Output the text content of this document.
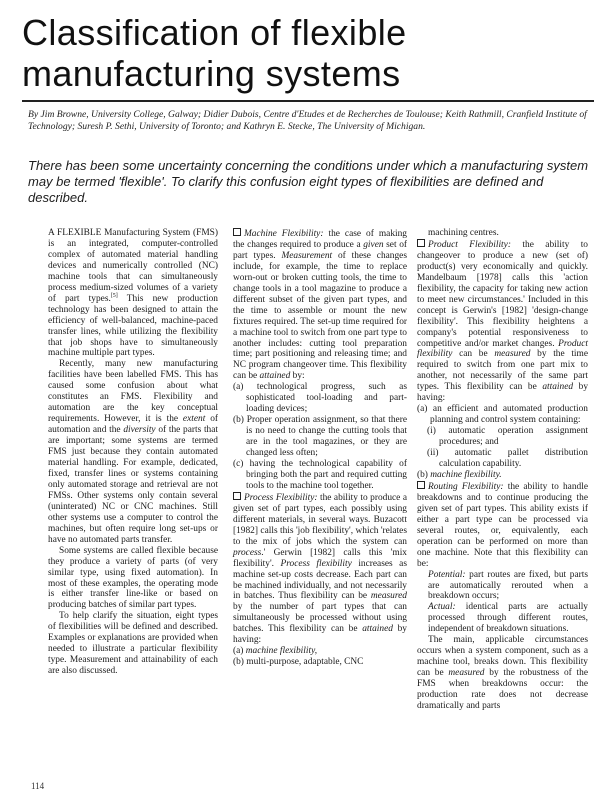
Classification of flexible manufacturing systems

By Jim Browne, University College, Galway; Didier Dubois, Centre d'Etudes et de Recherches de Toulouse; Keith Rathmill, Cranfield Institute of Technology; Suresh P. Sethi, University of Toronto; and Kathryn E. Stecke, The University of Michigan.

There has been some uncertainty concerning the conditions under which a manufacturing system may be termed 'flexible'. To clarify this confusion eight types of flexibilities are defined and described.

A FLEXIBLE Manufacturing System (FMS) is an integrated, computer-controlled complex of automated material handling devices and numerically controlled (NC) machine tools that can simultaneously process medium-sized volumes of a variety of part types.[5] This new production technology has been designed to attain the efficiency of well-balanced, machine-paced transfer lines, while utilizing the flexibility that job shops have to simultaneously machine multiple part types.

Recently, many new manufacturing facilities have been labelled FMS. This has caused some confusion about what constitutes an FMS. Flexibility and automation are the key conceptual requirements. However, it is the extent of automation and the diversity of the parts that are important; some systems are termed FMS just because they contain automated material handling. For example, dedicated, fixed, transfer lines or systems containing only automated storage and retrieval are not FMSs. Other systems only contain several (uninterated) NC or CNC machines. Still other systems use a computer to control the machines, but often require long set-ups or have no automated parts transfer.

Some systems are called flexible because they produce a variety of parts (of very similar type, using fixed automation). In most of these examples, the operating mode is either transfer line-like or based on producing batches of similar part types.

To help clarify the situation, eight types of flexibilities will be defined and described. Examples or explanations are provided when needed to illustrate a particular flexibility type. Measurement and attainability of each are also discussed.

Machine Flexibility: the case of making the changes required to produce a given set of part types. Measurement of these changes include, for example, the time to replace worn-out or broken cutting tools, the time to change tools in a tool magazine to produce a different subset of the given part types, and the time to assemble or mount the new fixtures required. The set-up time required for a machine tool to switch from one part type to another includes: cutting tool preparation time; part positioning and releasing time; and NC program changeover time. This flexibility can be attained by:

(a) technological progress, such as sophisticated tool-loading and part-loading devices;

(b) Proper operation assignment, so that there is no need to change the cutting tools that are in the tool magazines, or they are changed less often;

(c) having the technological capability of bringing both the part and required cutting tools to the machine tool together.

Process Flexibility: the ability to produce a given set of part types, each possibly using different materials, in several ways. Buzacott [1982] calls this 'job flexibility', which 'relates to the mix of jobs which the system can process.' Gerwin [1982] calls this 'mix flexibility'. Process flexibility increases as machine set-up costs decrease. Each part can be machined individually, and not necessarily in batches. Thus flexibility can be measured by the number of part types that can simultaneously be processed without using batches. This flexibility can be attained by having:

(a) machine flexibility,

(b) multi-purpose, adaptable, CNC

machining centres.

Product Flexibility: the ability to changeover to produce a new (set of) product(s) very economically and quickly. Mandelbaum [1978] calls this 'action flexibility, the capacity for taking new action to meet new circumstances.' Included in this concept is Gerwin's [1982] 'design-change flexibility'. This flexibility heightens a company's potential responsiveness to competitive and/or market changes. Product flexibility can be measured by the time required to switch from one part mix to another, not necessarily of the same part types. This flexibility can be attained by having:

(a) an efficient and automated production planning and control system containing:

(i) automatic operation assignment procedures; and

(ii) automatic pallet distribution calculation capability.

(b) machine flexibility.

Routing Flexibility: the ability to handle breakdowns and to continue producing the given set of part types. This ability exists if either a part type can be processed via several routes, or, equivalently, each operation can be performed on more than one machine. Note that this flexibility can be:

Potential: part routes are fixed, but parts are automatically rerouted when a breakdown occurs;

Actual: identical parts are actually processed through different routes, independent of breakdown situations.

The main, applicable circumstances occurs when a system component, such as a machine tool, breaks down. This flexibility can be measured by the robustness of the FMS when breakdowns occur: the production rate does not decrease dramatically and parts

114
